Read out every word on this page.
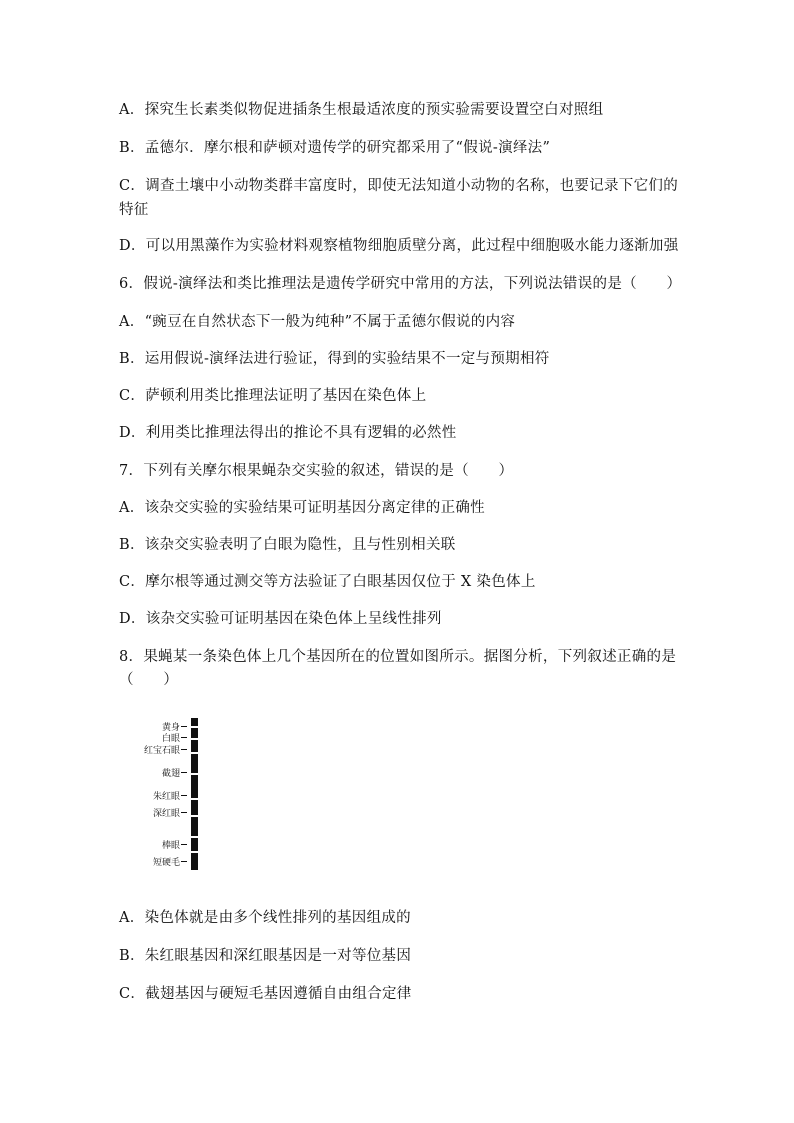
A．探究生长素类似物促进插条生根最适浓度的预实验需要设置空白对照组
B．孟德尔．摩尔根和萨顿对遗传学的研究都采用了“假说-演绎法”
C．调查土壤中小动物类群丰富度时，即使无法知道小动物的名称，也要记录下它们的
特征
D．可以用黑藻作为实验材料观察植物细胞质壁分离，此过程中细胞吸水能力逐渐加强
6．假说-演绎法和类比推理法是遗传学研究中常用的方法，下列说法错误的是（　　）
A．“豌豆在自然状态下一般为纯种”不属于孟德尔假说的内容
B．运用假说-演绎法进行验证，得到的实验结果不一定与预期相符
C．萨顿利用类比推理法证明了基因在染色体上
D．利用类比推理法得出的推论不具有逻辑的必然性
7．下列有关摩尔根果蝇杂交实验的叙述，错误的是（　　）
A．该杂交实验的实验结果可证明基因分离定律的正确性
B．该杂交实验表明了白眼为隐性，且与性别相关联
C．摩尔根等通过测交等方法验证了白眼基因仅位于 X 染色体上
D．该杂交实验可证明基因在染色体上呈线性排列
8．果蝇某一条染色体上几个基因所在的位置如图所示。据图分析，下列叙述正确的是
（　　）
黄身
白眼
红宝石眼
截翅
朱红眼
深红眼
棒眼
短硬毛
A．染色体就是由多个线性排列的基因组成的
B．朱红眼基因和深红眼基因是一对等位基因
C．截翅基因与硬短毛基因遵循自由组合定律
